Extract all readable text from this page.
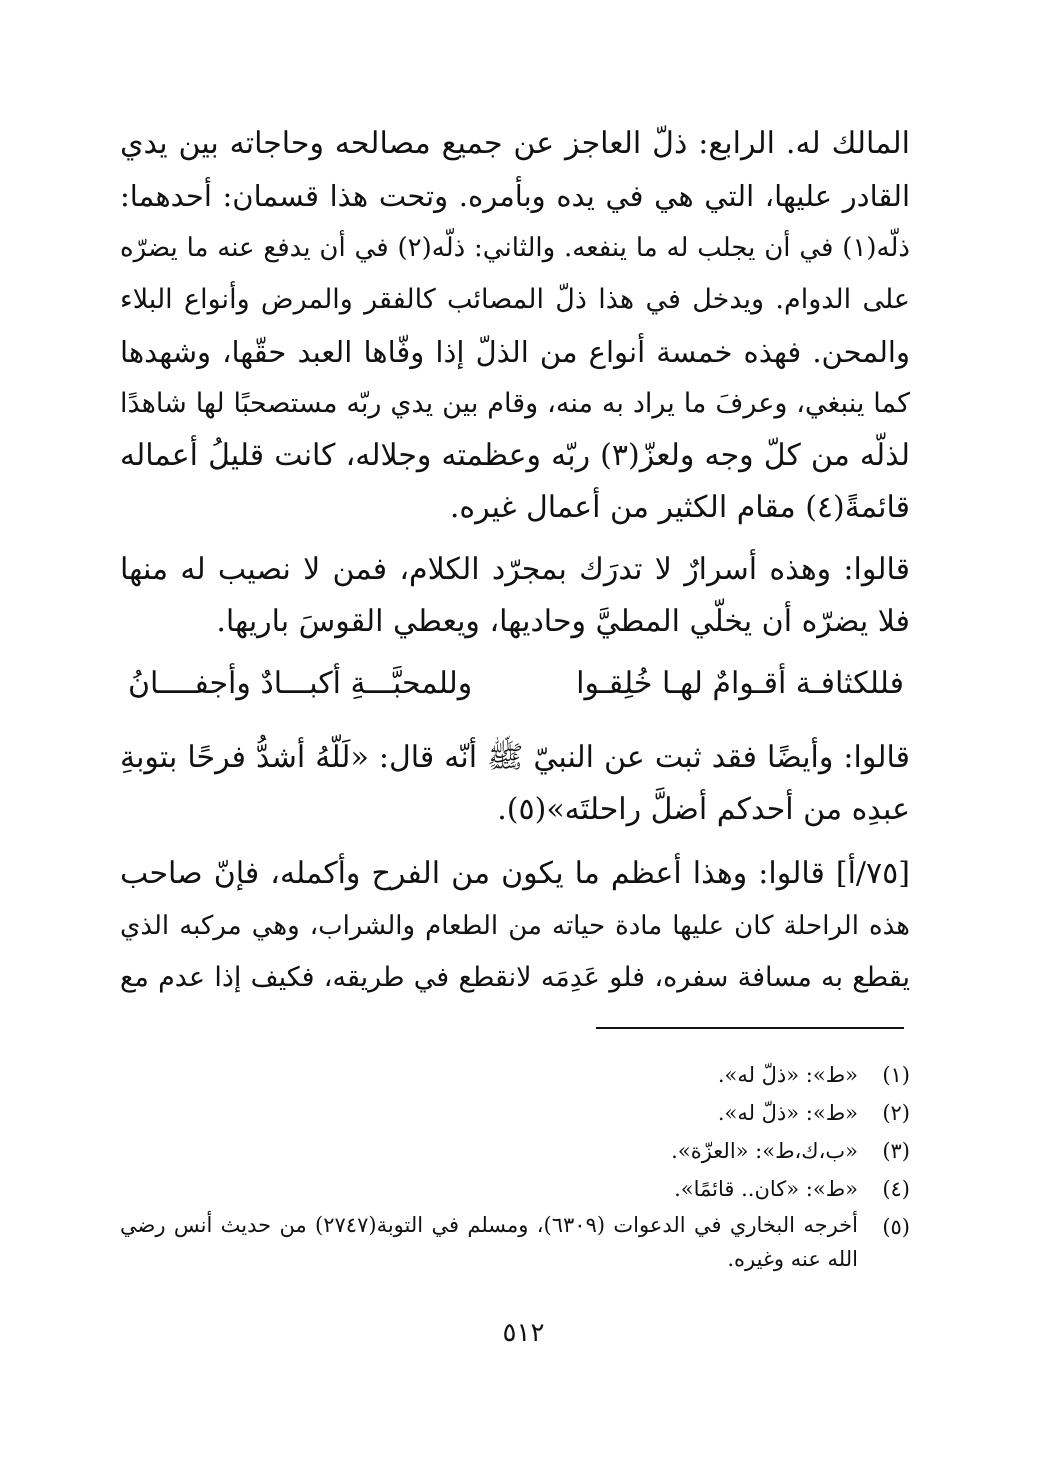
المالك له. الرابع: ذلّ العاجز عن جميع مصالحه وحاجاته بين يدي
القادر عليها، التي هي في يده وبأمره. وتحت هذا قسمان: أحدهما:
ذلّه(١) في أن يجلب له ما ينفعه. والثاني: ذلّه(٢) في أن يدفع عنه ما يضرّه
على الدوام. ويدخل في هذا ذلّ المصائب كالفقر والمرض وأنواع البلاء
والمحن. فهذه خمسة أنواع من الذلّ إذا وفّاها العبد حقّها، وشهدها
كما ينبغي، وعرفَ ما يراد به منه، وقام بين يدي ربّه مستصحبًا لها شاهدًا
لذلّه من كلّ وجه ولعزّ(٣) ربّه وعظمته وجلاله، كانت قليلُ أعماله
قائمةً(٤) مقام الكثير من أعمال غيره.
قالوا: وهذه أسرارٌ لا تدرَك بمجرّد الكلام، فمن لا نصيب له منها
فلا يضرّه أن يخلّي المطيَّ وحاديها، ويعطي القوسَ باريها.
فللكثافـة أقـوامٌ لهـا خُلِقـوا
وللمحبَّـــةِ أكبـــادٌ وأجفــــانُ
قالوا: وأيضًا فقد ثبت عن النبيّ ﷺ أنّه قال: «لَلّهُ أشدُّ فرحًا بتوبةِ
عبدِه من أحدكم أضلَّ راحلتَه»(٥).
[٧٥/أ] قالوا: وهذا أعظم ما يكون من الفرح وأكمله، فإنّ صاحب
هذه الراحلة كان عليها مادة حياته من الطعام والشراب، وهي مركبه الذي
يقطع به مسافة سفره، فلو عَدِمَه لانقطع في طريقه، فكيف إذا عدم مع
(١)
«ط»: «ذلّ له».
(٢)
«ط»: «ذلّ له».
(٣)
«ب،ك،ط»: «العزّة».
(٤)
«ط»: «كان.. قائمًا».
(٥)
أخرجه البخاري في الدعوات (٦٣٠٩)، ومسلم في التوبة(٢٧٤٧) من حديث أنس رضي الله عنه وغيره.
٥١٢
